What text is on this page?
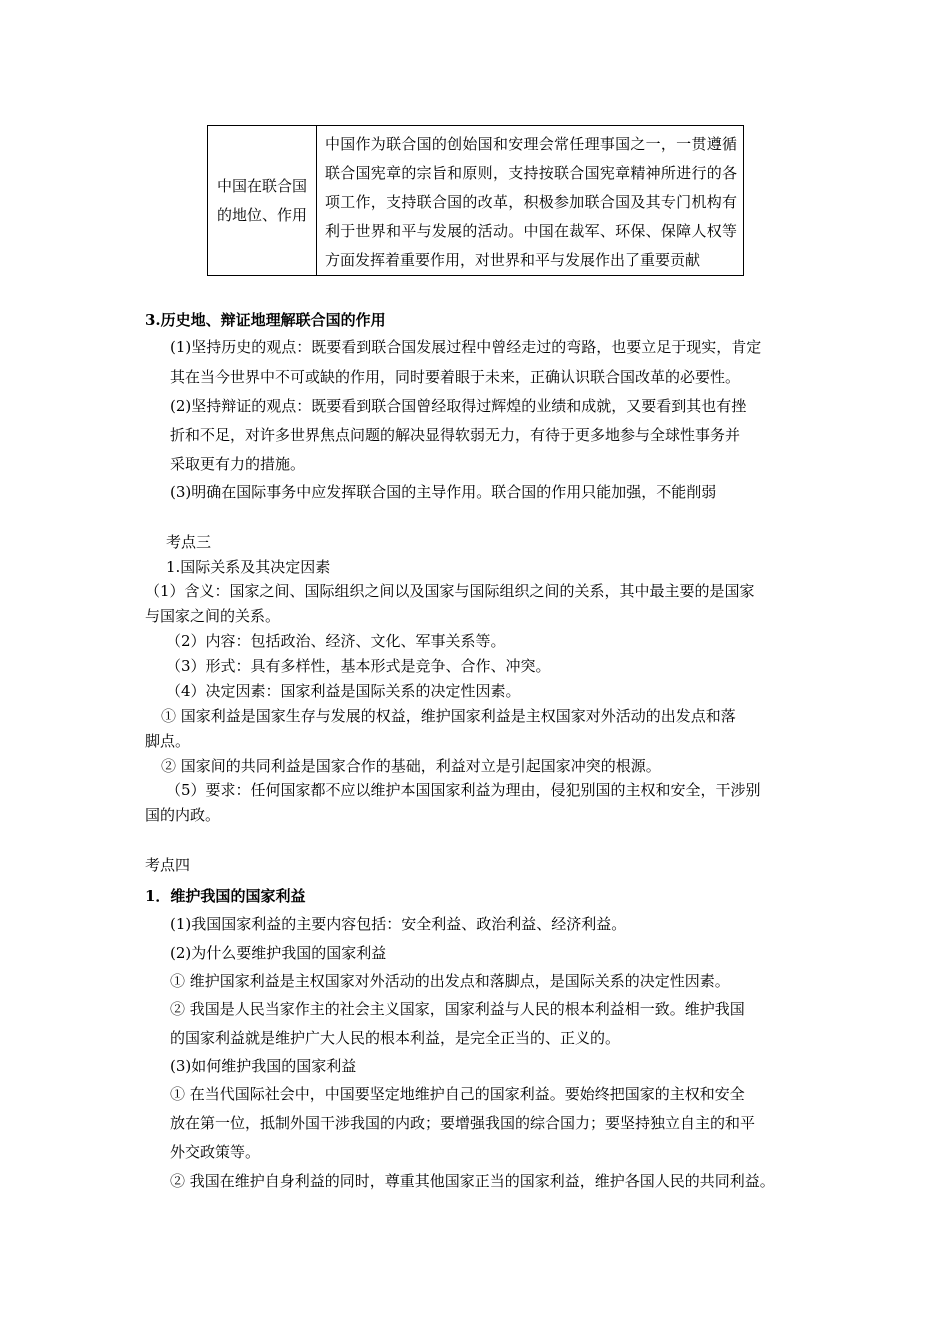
中国在联合国的地位、作用	中国作为联合国的创始国和安理会常任理事国之一，一贯遵循联合国宪章的宗旨和原则，支持按联合国宪章精神所进行的各项工作，支持联合国的改革，积极参加联合国及其专门机构有利于世界和平与发展的活动。中国在裁军、环保、保障人权等方面发挥着重要作用，对世界和平与发展作出了重要贡献
3.历史地、辩证地理解联合国的作用
(1)坚持历史的观点：既要看到联合国发展过程中曾经走过的弯路，也要立足于现实，肯定
其在当今世界中不可或缺的作用，同时要着眼于未来，正确认识联合国改革的必要性。
(2)坚持辩证的观点：既要看到联合国曾经取得过辉煌的业绩和成就，又要看到其也有挫
折和不足，对许多世界焦点问题的解决显得软弱无力，有待于更多地参与全球性事务并
采取更有力的措施。
(3)明确在国际事务中应发挥联合国的主导作用。联合国的作用只能加强，不能削弱
考点三
1.国际关系及其决定因素
（1）含义：国家之间、国际组织之间以及国家与国际组织之间的关系，其中最主要的是国家
与国家之间的关系。
（2）内容：包括政治、经济、文化、军事关系等。
（3）形式：具有多样性，基本形式是竞争、合作、冲突。
（4）决定因素：国家利益是国际关系的决定性因素。
① 国家利益是国家生存与发展的权益，维护国家利益是主权国家对外活动的出发点和落
脚点。
② 国家间的共同利益是国家合作的基础，利益对立是引起国家冲突的根源。
（5）要求：任何国家都不应以维护本国国家利益为理由，侵犯别国的主权和安全，干涉别
国的内政。
考点四
1．维护我国的国家利益
(1)我国国家利益的主要内容包括：安全利益、政治利益、经济利益。
(2)为什么要维护我国的国家利益
① 维护国家利益是主权国家对外活动的出发点和落脚点，是国际关系的决定性因素。
② 我国是人民当家作主的社会主义国家，国家利益与人民的根本利益相一致。维护我国
的国家利益就是维护广大人民的根本利益，是完全正当的、正义的。
(3)如何维护我国的国家利益
① 在当代国际社会中，中国要坚定地维护自己的国家利益。要始终把国家的主权和安全
放在第一位，抵制外国干涉我国的内政；要增强我国的综合国力；要坚持独立自主的和平
外交政策等。
② 我国在维护自身利益的同时，尊重其他国家正当的国家利益，维护各国人民的共同利益。
